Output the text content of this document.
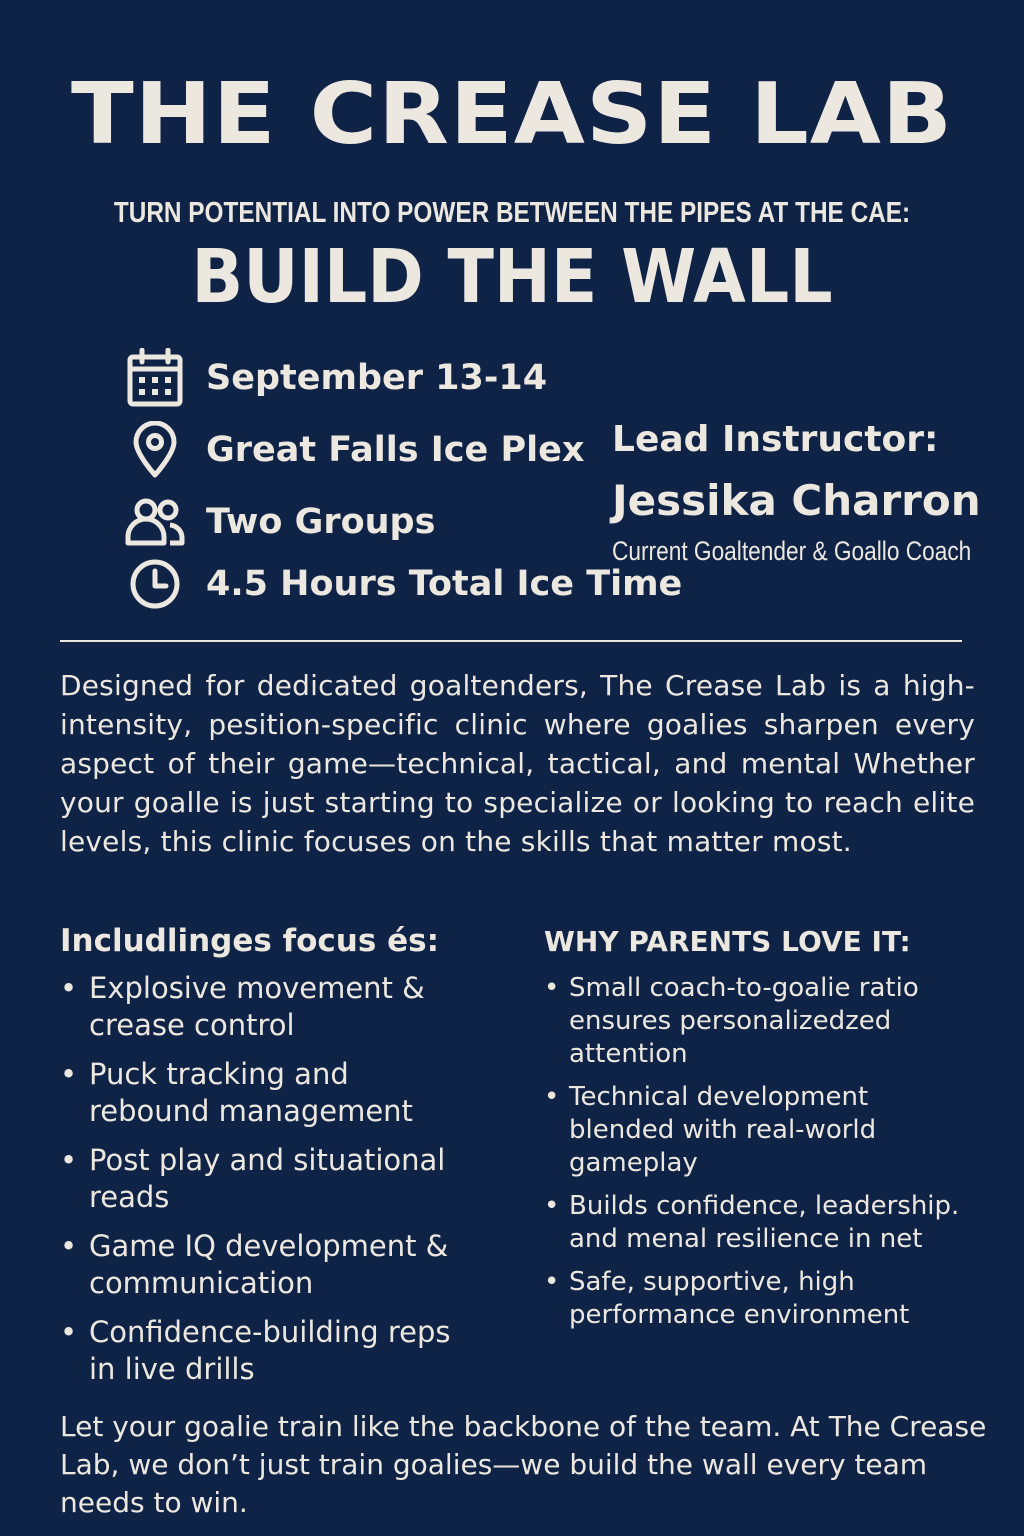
THE CREASE LAB
TURN POTENTIAL INTO POWER BETWEEN THE PIPES AT THE CAE:
BUILD THE WALL
September 13-14
Great Falls Ice Plex
Two Groups
4.5 Hours Total Ice Time
Lead Instructor:
Jessika Charron
Current Goaltender & Goallo Coach
Designed for dedicated goaltenders, The Crease Lab is a high-intensity, pesition-specific clinic where goalies sharpen every aspect of their game—technical, tactical, and mental Whether your goalle is just starting to specialize or looking to reach elite levels, this clinic focuses on the skills that matter most.
Includlinges focus és:
• Explosive movement & crease control
• Puck tracking and rebound management
• Post play and situational reads
• Game IQ development & communication
• Confidence-building reps in live drills
WHY PARENTS LOVE IT:
• Small coach-to-goalie ratio ensures personalizedzed attention
• Technical development blended with real-world gameplay
• Builds confidence, leadership. and menal resilience in net
• Safe, supportive, high performance environment
Let your goalie train like the backbone of the team. At The Crease Lab, we don’t just train goalies—we build the wall every team needs to win.
